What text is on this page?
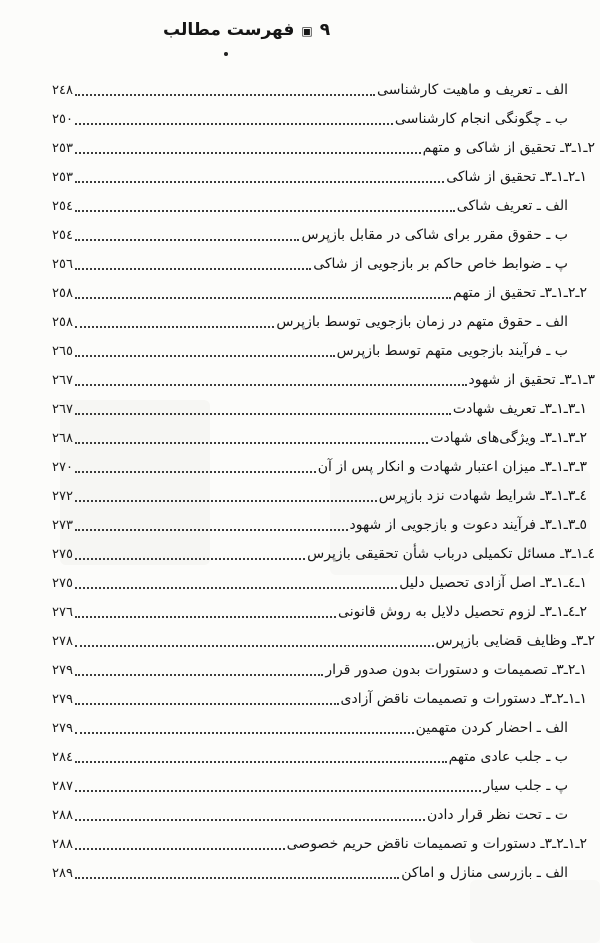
٩
▣
فهرست مطالب
٢٤٨	الف ـ تعریف و ماهیت کارشناسی
٢٥٠	ب ـ چگونگی انجام کارشناسی
٢٥٣	٢ـ١ـ٣ـ تحقیق از شاکی و متهم
٢٥٣	١ـ٢ـ١ـ٣ـ تحقیق از شاکی
٢٥٤	الف ـ تعریف شاکی
٢٥٤	ب ـ حقوق مقرر برای شاکی در مقابل بازپرس
٢٥٦	پ ـ ضوابط خاص حاکم بر بازجویی از شاکی
٢٥٨	٢ـ٢ـ١ـ٣ـ تحقیق از متهم
٢٥٨	الف ـ حقوق متهم در زمان بازجویی توسط بازپرس
٢٦٥	ب ـ فرآیند بازجویی متهم توسط بازپرس
٢٦٧	٣ـ١ـ٣ـ تحقیق از شهود
٢٦٧	١ـ٣ـ١ـ٣ـ تعریف شهادت
٢٦٨	٢ـ٣ـ١ـ٣ـ ویژگی‌های شهادت
٢٧٠	٣ـ٣ـ١ـ٣ـ میزان اعتبار شهادت و انکار پس از آن
٢٧٢	٤ـ٣ـ١ـ٣ـ شرایط شهادت نزد بازپرس
٢٧٣	٥ـ٣ـ١ـ٣ـ فرآیند دعوت و بازجویی از شهود
٢٧٥	٤ـ١ـ٣ـ مسائل تکمیلی درباب شأن تحقیقی بازپرس
٢٧٥	١ـ٤ـ١ـ٣ـ اصل آزادی تحصیل دلیل
٢٧٦	٢ـ٤ـ١ـ٣ـ لزوم تحصیل دلایل به روش قانونی
٢٧٨	٢ـ٣ـ وظایف قضایی بازپرس
٢٧٩	١ـ٢ـ٣ـ تصمیمات و دستورات بدون صدور قرار
٢٧٩	١ـ١ـ٢ـ٣ـ دستورات و تصمیمات ناقض آزادی
٢٧٩	الف ـ احضار کردن متهمین
٢٨٤	ب ـ جلب عادی متهم
٢٨٧	پ ـ جلب سیار
٢٨٨	ت ـ تحت نظر قرار دادن
٢٨٨	٢ـ١ـ٢ـ٣ـ دستورات و تصمیمات ناقض حریم خصوصی
٢٨٩	الف ـ بازرسی منازل و اماکن
